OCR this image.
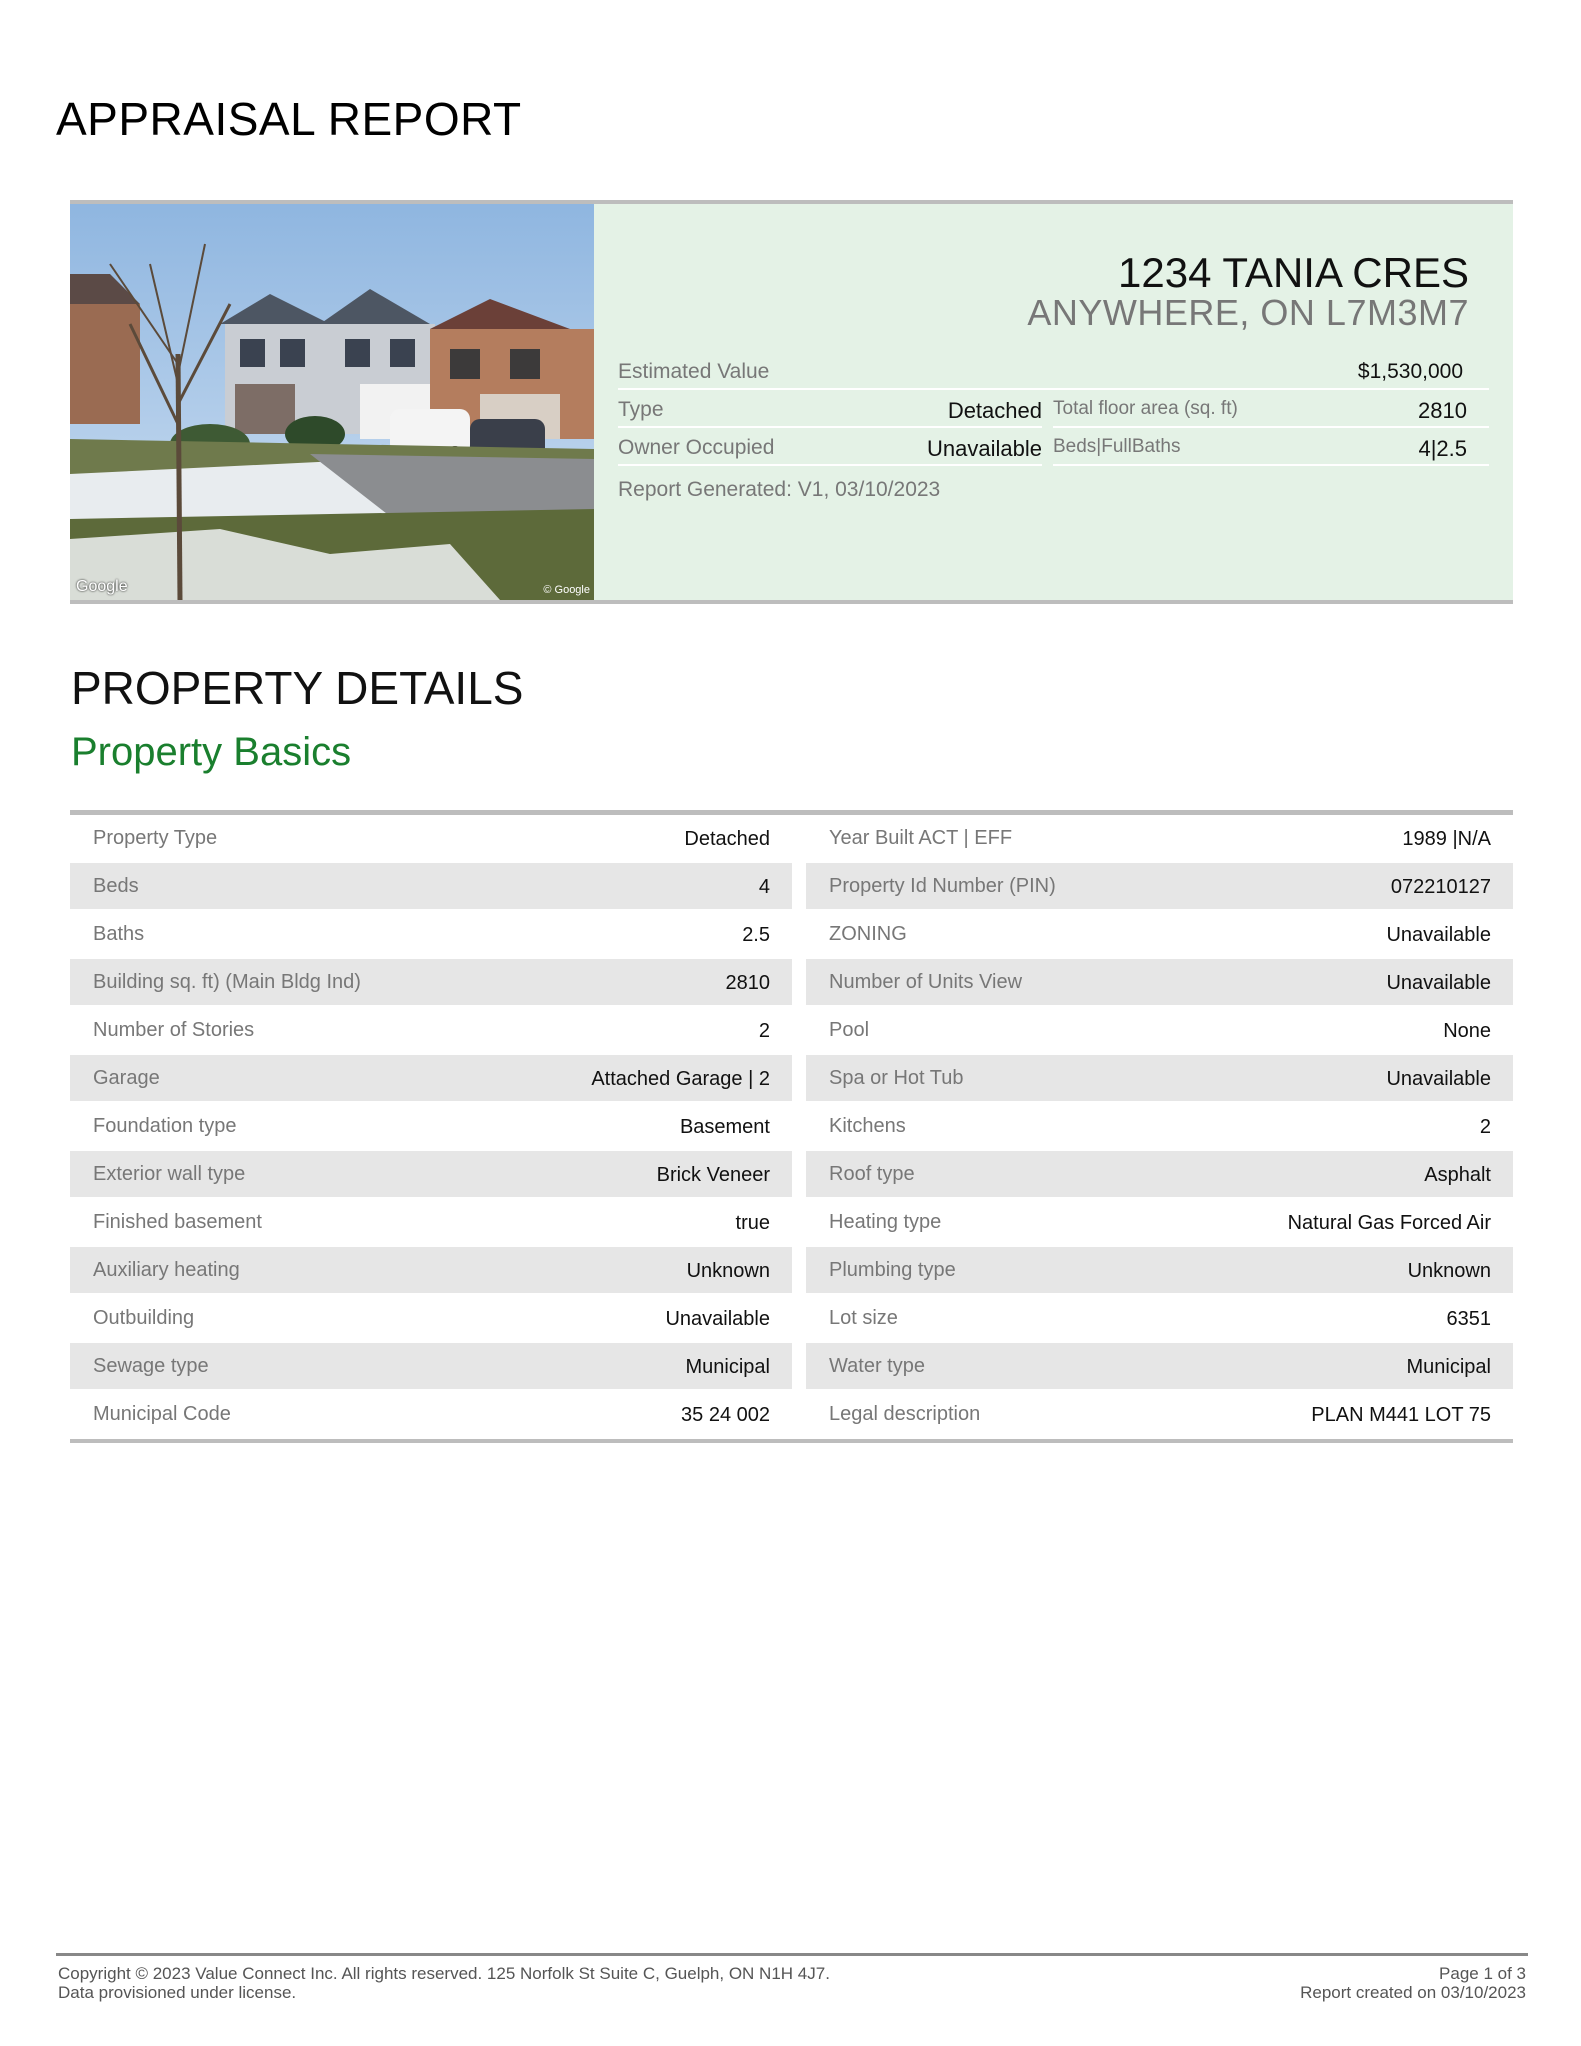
APPRAISAL REPORT
Google	© Google
1234 TANIA CRES
ANYWHERE, ON L7M3M7
Estimated Value	$1,530,000
Type	Detached Total floor area (sq. ft)	2810
Owner Occupied	Unavailable Beds|FullBaths	4|2.5
Report Generated: V1, 03/10/2023
PROPERTY DETAILS
Property Basics
Property Type	Detached	Year Built ACT | EFF	1989 |N/A
Beds	4	Property Id Number (PIN)	072210127
Baths	2.5	ZONING	Unavailable
Building sq. ft) (Main Bldg Ind)	2810	Number of Units View	Unavailable
Number of Stories	2	Pool	None
Garage	Attached Garage | 2	Spa or Hot Tub	Unavailable
Foundation type	Basement	Kitchens	2
Exterior wall type	Brick Veneer	Roof type	Asphalt
Finished basement	true	Heating type	Natural Gas Forced Air
Auxiliary heating	Unknown	Plumbing type	Unknown
Outbuilding	Unavailable	Lot size	6351
Sewage type	Municipal	Water type	Municipal
Municipal Code	35 24 002	Legal description	PLAN M441 LOT 75
Copyright © 2023 Value Connect Inc. All rights reserved. 125 Norfolk St Suite C, Guelph, ON N1H 4J7.
Data provisioned under license.
Page 1 of 3
Report created on 03/10/2023
